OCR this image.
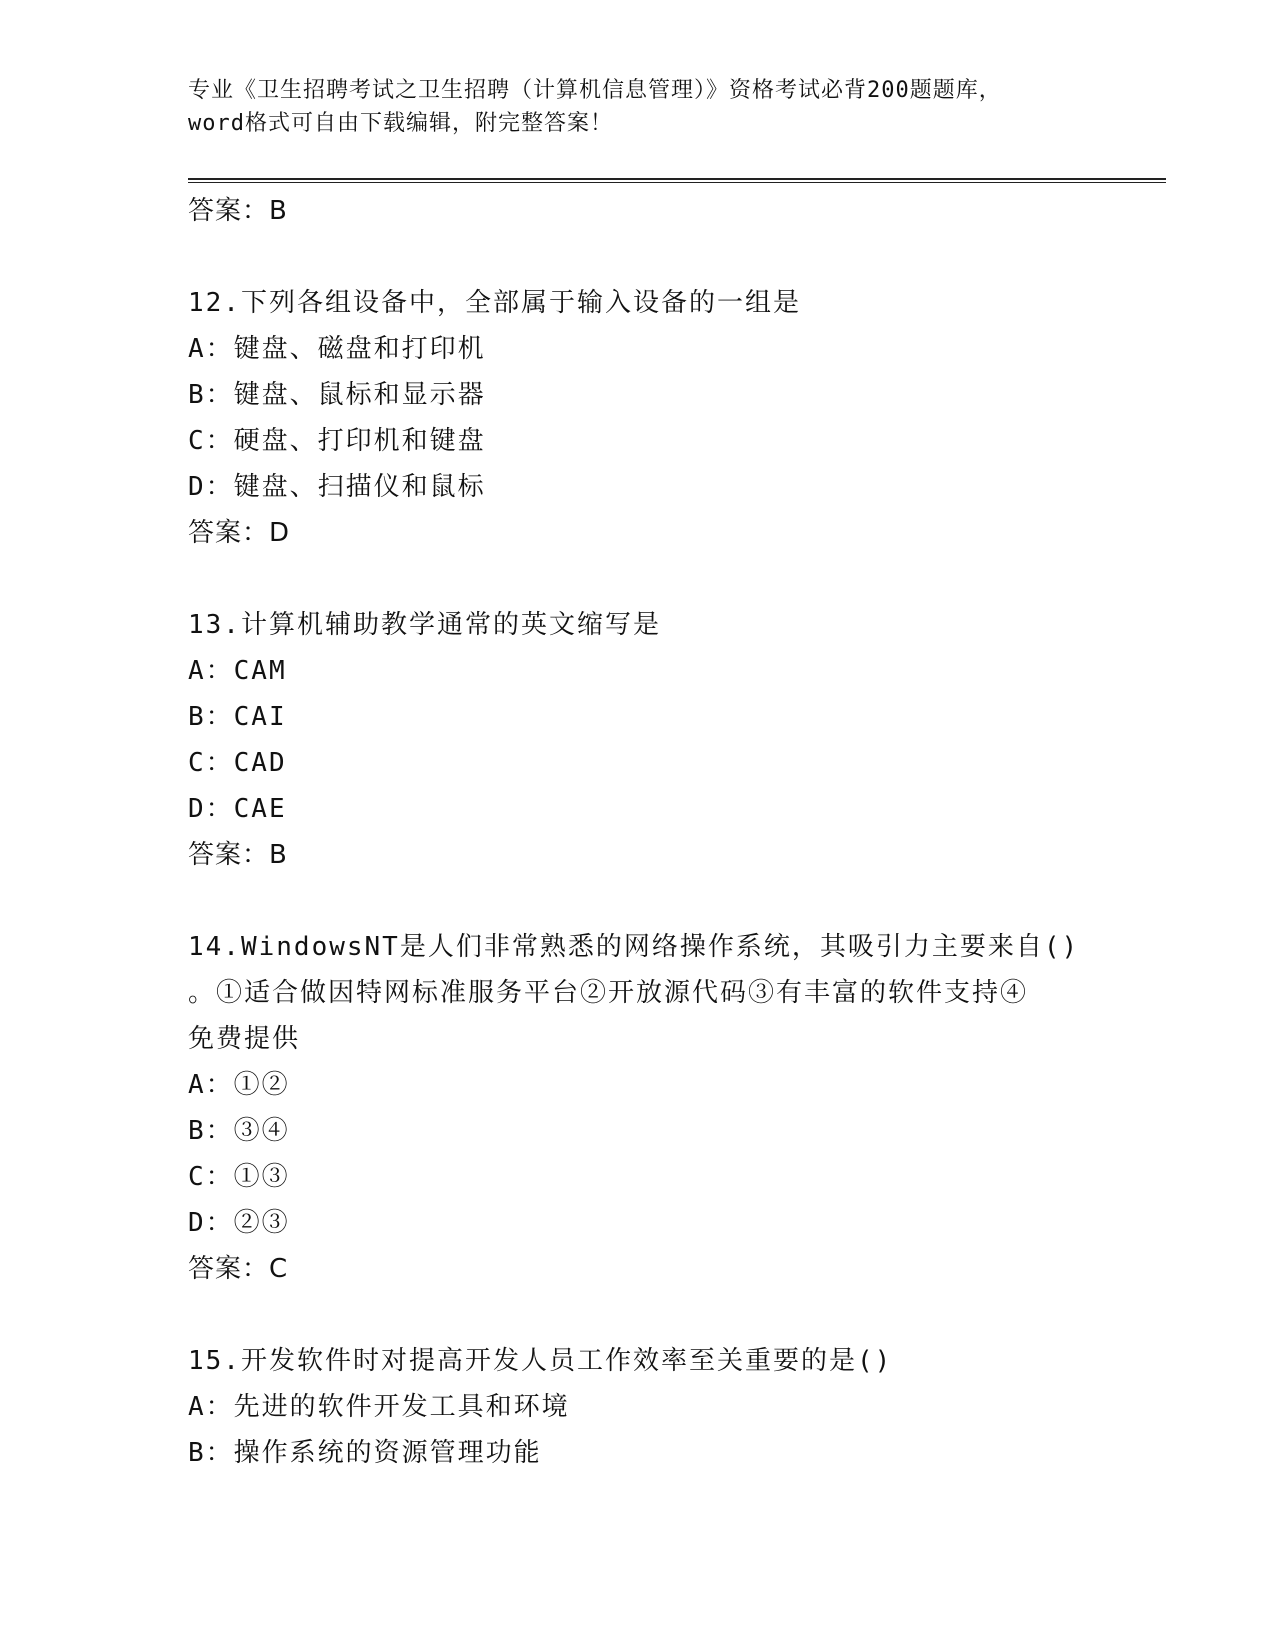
专业《卫生招聘考试之卫生招聘（计算机信息管理）》资格考试必背200题题库，
word格式可自由下载编辑，附完整答案！
答案：B
12.下列各组设备中，全部属于输入设备的一组是
A：键盘、磁盘和打印机
B：键盘、鼠标和显示器
C：硬盘、打印机和键盘
D：键盘、扫描仪和鼠标
答案：D
13.计算机辅助教学通常的英文缩写是
A：CAM
B：CAI
C：CAD
D：CAE
答案：B
14.WindowsNT是人们非常熟悉的网络操作系统，其吸引力主要来自()
。①适合做因特网标准服务平台②开放源代码③有丰富的软件支持④
免费提供
A：①②
B：③④
C：①③
D：②③
答案：C
15.开发软件时对提高开发人员工作效率至关重要的是()
A：先进的软件开发工具和环境
B：操作系统的资源管理功能
